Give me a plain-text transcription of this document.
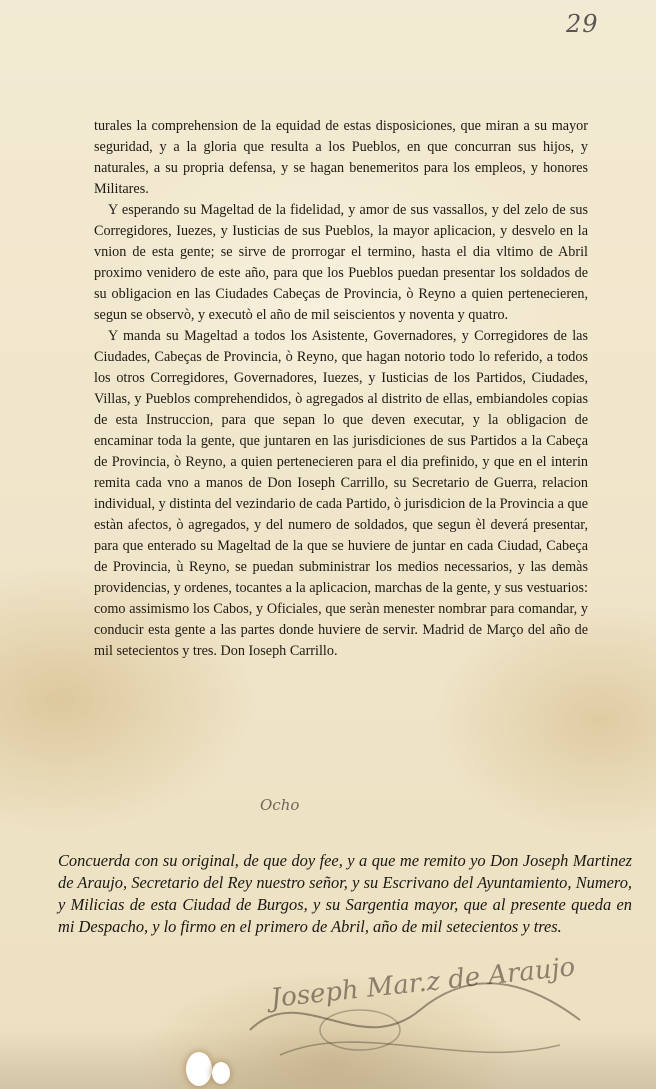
29

turales la comprehension de la equidad de estas disposiciones, que miran a su mayor seguridad, y a la gloria que resulta a los Pueblos, en que concurran sus hijos, y naturales, a su propria defensa, y se hagan benemeritos para los empleos, y honores Militares.

Y esperando su Mageltad de la fidelidad, y amor de sus vassallos, y del zelo de sus Corregidores, Iuezes, y Iusticias de sus Pueblos, la mayor aplicacion, y desvelo en la vnion de esta gente; se sirve de prorrogar el termino, hasta el dia vltimo de Abril proximo venidero de este año, para que los Pueblos puedan presentar los soldados de su obligacion en las Ciudades Cabeças de Provincia, ò Reyno a quien pertenecieren, segun se observò, y executò el año de mil seiscientos y noventa y quatro.

Y manda su Mageltad a todos los Asistente, Governadores, y Corregidores de las Ciudades, Cabeças de Provincia, ò Reyno, que hagan notorio todo lo referido, a todos los otros Corregidores, Governadores, Iuezes, y Iusticias de los Partidos, Ciudades, Villas, y Pueblos comprehendidos, ò agregados al distrito de ellas, embiandoles copias de esta Instruccion, para que sepan lo que deven executar, y la obligacion de encaminar toda la gente, que juntaren en las jurisdiciones de sus Partidos a la Cabeça de Provincia, ò Reyno, a quien pertenecieren para el dia prefinido, y que en el interin remita cada vno a manos de Don Ioseph Carrillo, su Secretario de Guerra, relacion individual, y distinta del vezindario de cada Partido, ò jurisdicion de la Provincia a que estàn afectos, ò agregados, y del numero de soldados, que segun èl deverá presentar, para que enterado su Mageltad de la que se huviere de juntar en cada Ciudad, Cabeça de Provincia, ù Reyno, se puedan subministrar los medios necessarios, y las demàs providencias, y ordenes, tocantes a la aplicacion, marchas de la gente, y sus vestuarios: como assimismo los Cabos, y Oficiales, que seràn menester nombrar para comandar, y conducir esta gente a las partes donde huviere de servir. Madrid de Março del año de mil setecientos y tres. Don Ioseph Carrillo.

Ocho
Concuerda con su original, de que doy fee, y a que me remito yo Don Joseph Martinez de Araujo, Secretario del Rey nuestro señor, y su Escrivano del Ayuntamiento, Numero, y Milicias de esta Ciudad de Burgos, y su Sargentia mayor, que al presente queda en mi Despacho, y lo firmo en el primero de Abril, año de mil setecientos y tres.
Joseph Mar.z de Araujo
